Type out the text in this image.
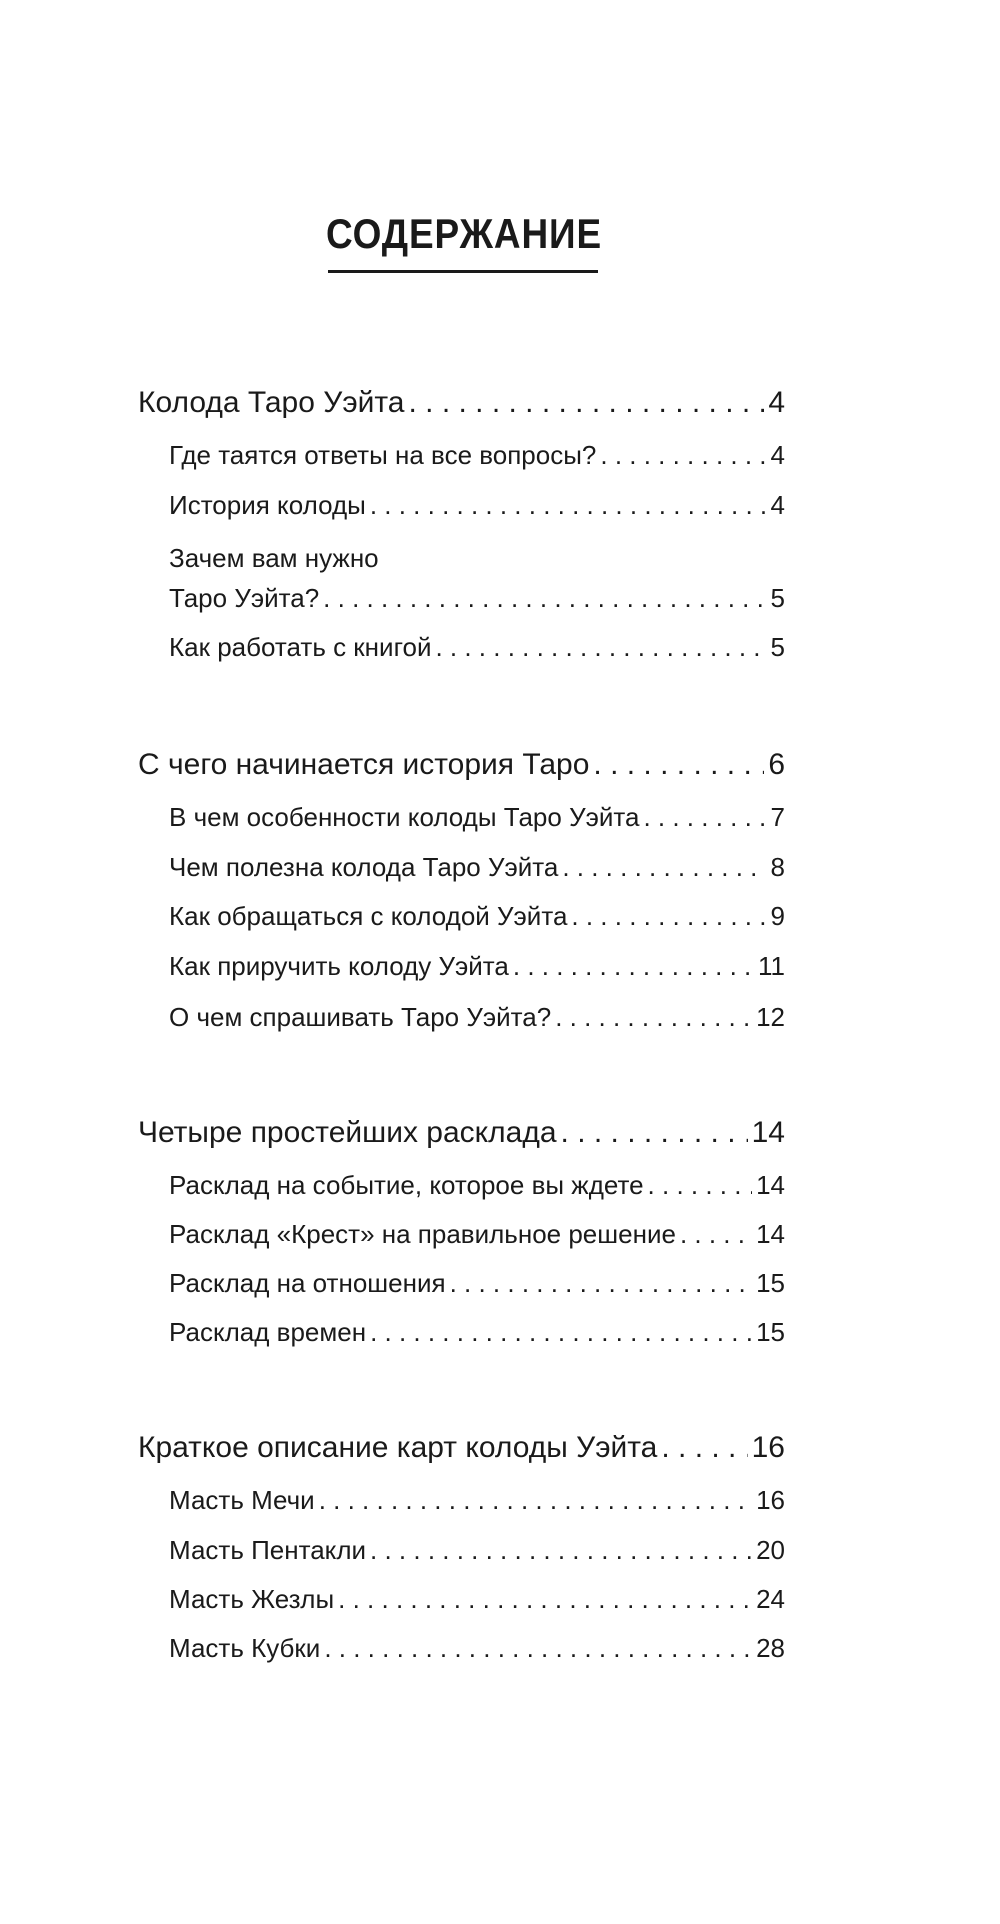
СОДЕРЖАНИЕ
Колода Таро Уэйта . . .	4
Где таятся ответы на все вопросы? . . .	4
История колоды . . .	4
Зачем вам нужно
Таро Уэйта? . . .	5
Как работать с книгой . . .	5
С чего начинается история Таро . . .	6
В чем особенности колоды Таро Уэйта . . .	7
Чем полезна колода Таро Уэйта . . .	8
Как обращаться с колодой Уэйта . . .	9
Как приручить колоду Уэйта . . .	11
О чем спрашивать Таро Уэйта? . . .	12
Четыре простейших расклада . . .	14
Расклад на событие, которое вы ждете . . .	14
Расклад «Крест» на правильное решение . . .	14
Расклад на отношения . . .	15
Расклад времен . . .	15
Краткое описание карт колоды Уэйта . . .	16
Масть Мечи . . .	16
Масть Пентакли . . .	20
Масть Жезлы . . .	24
Масть Кубки . . .	28
